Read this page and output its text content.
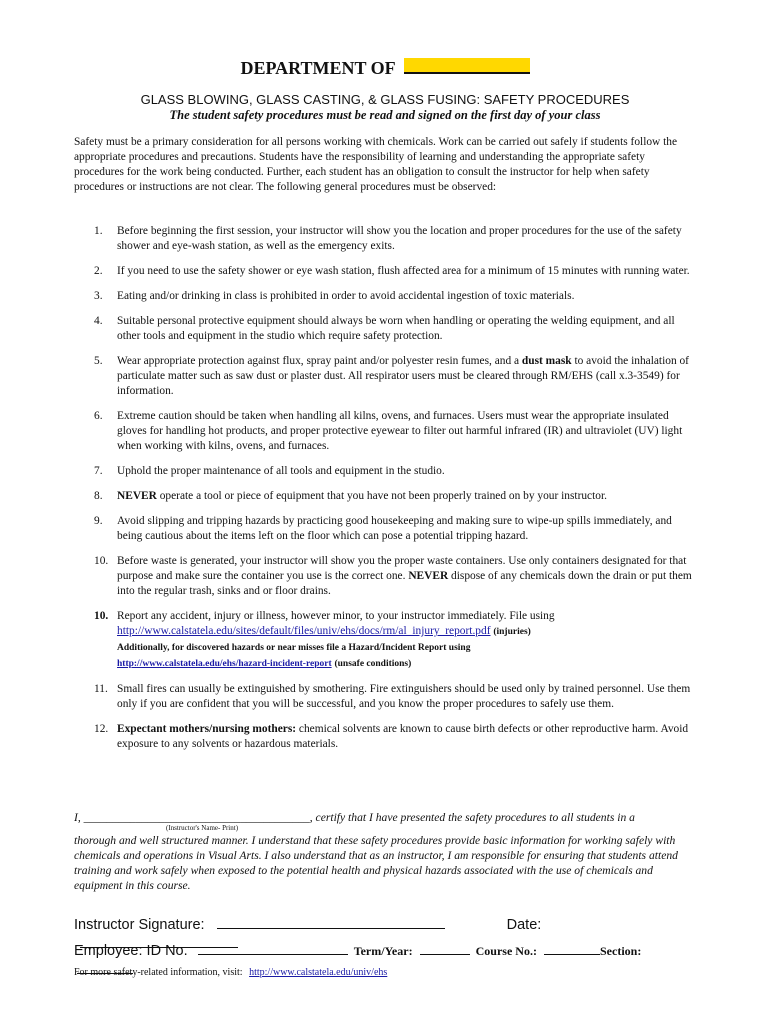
DEPARTMENT OF
GLASS BLOWING, GLASS CASTING, & GLASS FUSING: SAFETY PROCEDURES
The student safety procedures must be read and signed on the first day of your class
Safety must be a primary consideration for all persons working with chemicals. Work can be carried out safely if students follow the appropriate procedures and precautions. Students have the responsibility of learning and understanding the appropriate safety procedures for the work being conducted. Further, each student has an obligation to consult the instructor for help when safety procedures or instructions are not clear. The following general procedures must be observed:
1.	Before beginning the first session, your instructor will show you the location and proper procedures for the use of the safety shower and eye-wash station, as well as the emergency exits.
2.	If you need to use the safety shower or eye wash station, flush affected area for a minimum of 15 minutes with running water.
3.	Eating and/or drinking in class is prohibited in order to avoid accidental ingestion of toxic materials.
4.	Suitable personal protective equipment should always be worn when handling or operating the welding equipment, and all other tools and equipment in the studio which require safety protection.
5.	Wear appropriate protection against flux, spray paint and/or polyester resin fumes, and a dust mask to avoid the inhalation of particulate matter such as saw dust or plaster dust. All respirator users must be cleared through RM/EHS (call x.3-3549) for information.
6.	Extreme caution should be taken when handling all kilns, ovens, and furnaces. Users must wear the appropriate insulated gloves for handling hot products, and proper protective eyewear to filter out harmful infrared (IR) and ultraviolet (UV) light when working with kilns, ovens, and furnaces.
7.	Uphold the proper maintenance of all tools and equipment in the studio.
8.	NEVER operate a tool or piece of equipment that you have not been properly trained on by your instructor.
9.	Avoid slipping and tripping hazards by practicing good housekeeping and making sure to wipe-up spills immediately, and being cautious about the items left on the floor which can pose a potential tripping hazard.
10. Before waste is generated, your instructor will show you the proper waste containers. Use only containers designated for that purpose and make sure the container you use is the correct one. NEVER dispose of any chemicals down the drain or put them into the regular trash, sinks and or floor drains.
10. Report any accident, injury or illness, however minor, to your instructor immediately. File using
http://www.calstatela.edu/sites/default/files/univ/ehs/docs/rm/al_injury_report.pdf (injuries)
Additionally, for discovered hazards or near misses file a Hazard/Incident Report using
http://www.calstatela.edu/ehs/hazard-incident-report (unsafe conditions)
11. Small fires can usually be extinguished by smothering. Fire extinguishers should be used only by trained personnel. Use them only if you are confident that you will be successful, and you know the proper procedures to safely use them.
12. Expectant mothers/nursing mothers: chemical solvents are known to cause birth defects or other reproductive harm. Avoid exposure to any solvents or hazardous materials.
I, _______________________________________, certify that I have presented the safety procedures to all students in a
(Instructor's Name- Print)
thorough and well structured manner. I understand that these safety procedures provide basic information for working safely with chemicals and operations in Visual Arts. I also understand that as an instructor, I am responsible for ensuring that students attend training and work safely when exposed to the potential health and physical hazards associated with the use of chemicals and equipment in this course.
Instructor Signature:	Date:
Employee: ID No.	Term/Year:	Course No.:	Section:
For more safety-related information, visit: http://www.calstatela.edu/univ/ehs
